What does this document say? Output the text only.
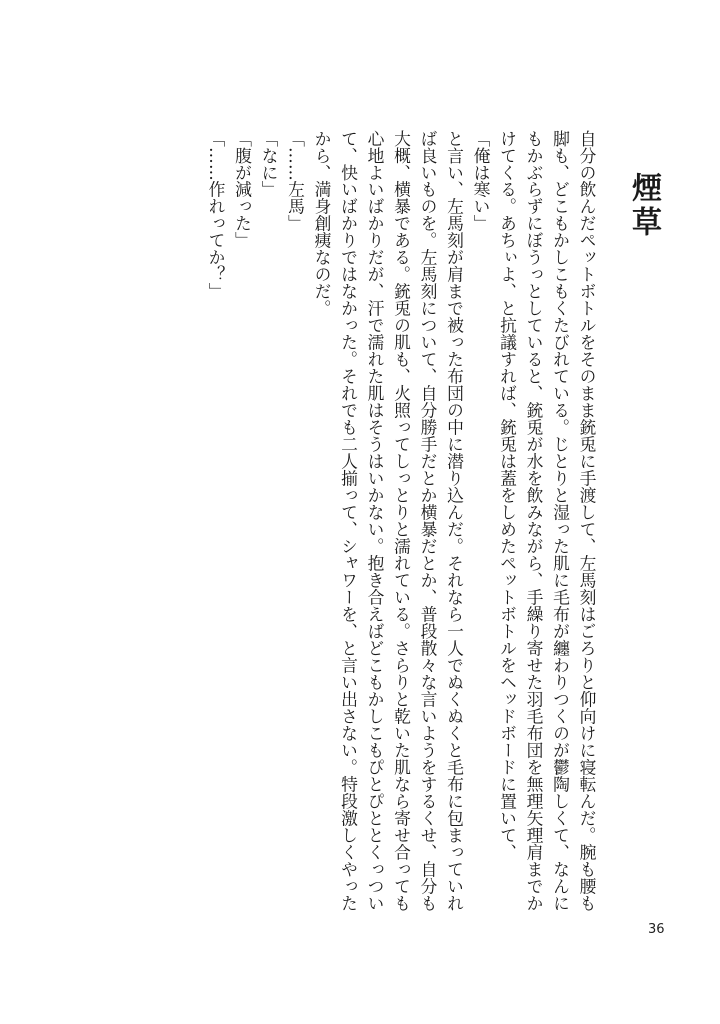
煙草

自分の飲んだペットボトルをそのまま銃兎に手渡して、左馬刻はごろりと仰向けに寝転んだ。腕も腰も脚も、どこもかしこもくたびれている。じとりと湿った肌に毛布が纏わりつくのが鬱陶しくて、なんにもかぶらずにぼうっとしていると、銃兎が水を飲みながら、手繰り寄せた羽毛布団を無理矢理肩までかけてくる。あちぃよ、と抗議すれば、銃兎は蓋をしめたペットボトルをヘッドボードに置いて、

「俺は寒い」

と言い、左馬刻が肩まで被った布団の中に潜り込んだ。それなら一人でぬくぬくと毛布に包まっていれば良いものを。左馬刻について、自分勝手だとか横暴だとか、普段散々な言いようをするくせ、自分も大概、横暴である。銃兎の肌も、火照ってしっとりと濡れている。さらりと乾いた肌なら寄せ合っても心地よいばかりだが、汗で濡れた肌はそうはいかない。抱き合えばどこもかしこもぴとぴととくっついて、快いばかりではなかった。それでも二人揃って、シャワーを、と言い出さない。特段激しくやったから、満身創痍なのだ。

「……左馬」

「なに」

「腹が減った」

「……作れってか？」

36
